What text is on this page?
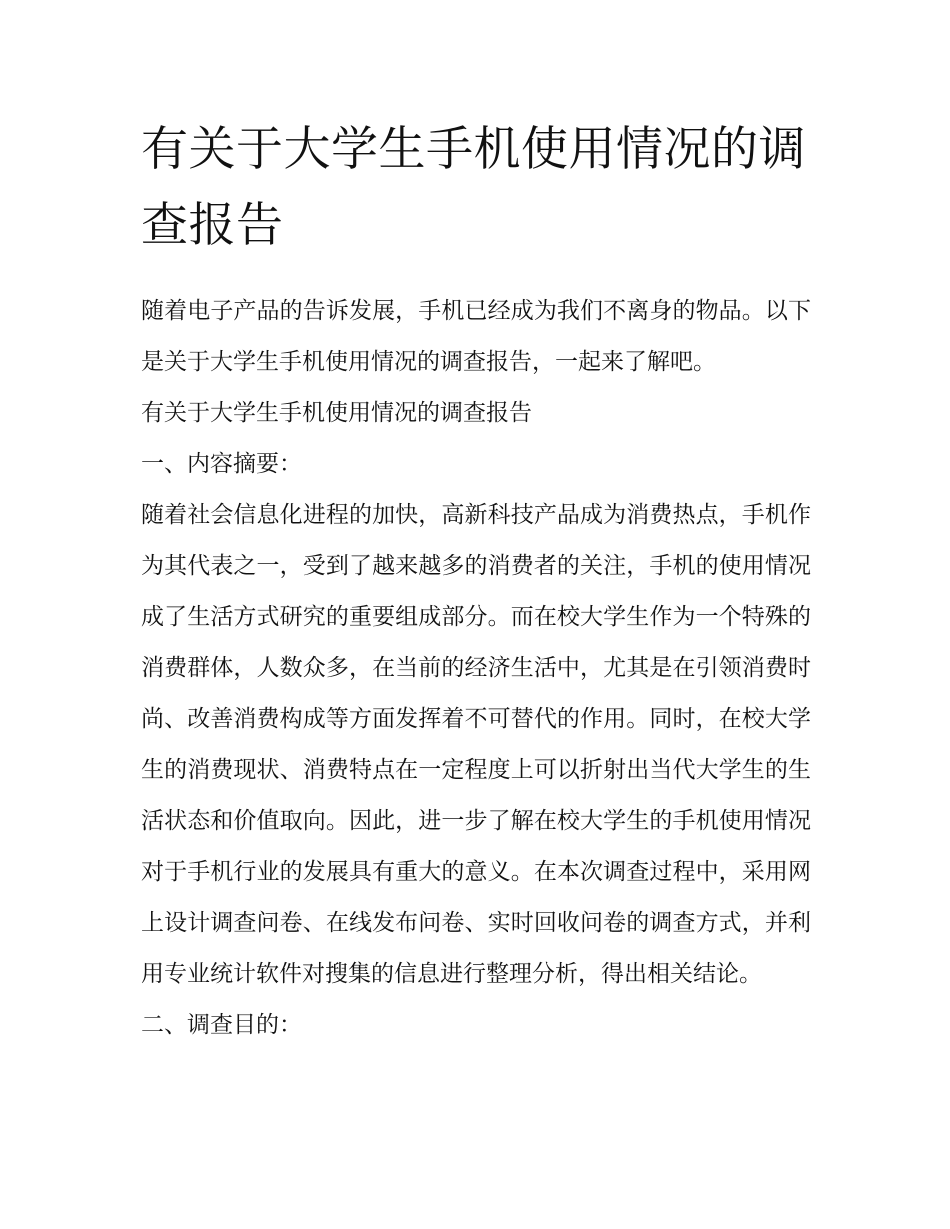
有关于大学生手机使用情况的调查报告

随着电子产品的告诉发展，手机已经成为我们不离身的物品。以下是关于大学生手机使用情况的调查报告，一起来了解吧。

有关于大学生手机使用情况的调查报告

一、内容摘要：

随着社会信息化进程的加快，高新科技产品成为消费热点，手机作为其代表之一，受到了越来越多的消费者的关注，手机的使用情况成了生活方式研究的重要组成部分。而在校大学生作为一个特殊的消费群体，人数众多，在当前的经济生活中，尤其是在引领消费时尚、改善消费构成等方面发挥着不可替代的作用。同时，在校大学生的消费现状、消费特点在一定程度上可以折射出当代大学生的生活状态和价值取向。因此，进一步了解在校大学生的手机使用情况对于手机行业的发展具有重大的意义。在本次调查过程中，采用网上设计调查问卷、在线发布问卷、实时回收问卷的调查方式，并利用专业统计软件对搜集的信息进行整理分析，得出相关结论。

二、调查目的：
